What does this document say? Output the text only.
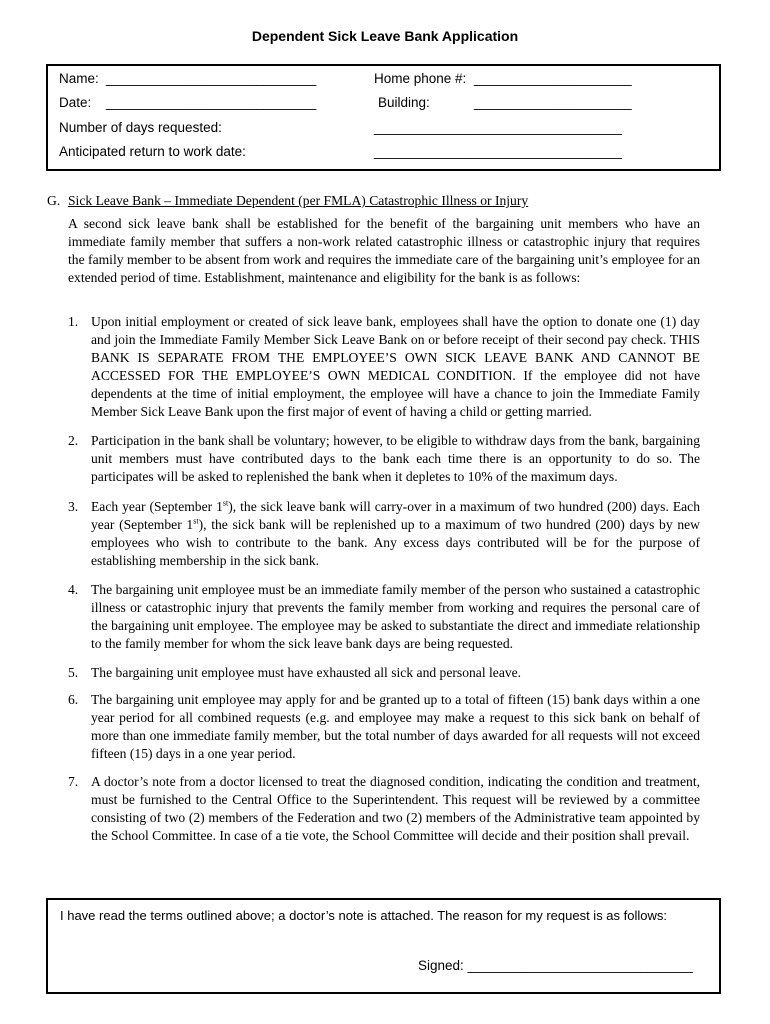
Dependent Sick Leave Bank Application
Name: ____________________________	Home phone #: _____________________
Date: ____________________________	Building:	_____________________
Number of days requested:	_________________________________
Anticipated return to work date:	_________________________________
G. Sick Leave Bank – Immediate Dependent (per FMLA) Catastrophic Illness or Injury
A second sick leave bank shall be established for the benefit of the bargaining unit members who have an immediate family member that suffers a non-work related catastrophic illness or catastrophic injury that requires the family member to be absent from work and requires the immediate care of the bargaining unit’s employee for an extended period of time. Establishment, maintenance and eligibility for the bank is as follows:
1. Upon initial employment or created of sick leave bank, employees shall have the option to donate one (1) day and join the Immediate Family Member Sick Leave Bank on or before receipt of their second pay check. THIS BANK IS SEPARATE FROM THE EMPLOYEE’S OWN SICK LEAVE BANK AND CANNOT BE ACCESSED FOR THE EMPLOYEE’S OWN MEDICAL CONDITION. If the employee did not have dependents at the time of initial employment, the employee will have a chance to join the Immediate Family Member Sick Leave Bank upon the first major of event of having a child or getting married.
2. Participation in the bank shall be voluntary; however, to be eligible to withdraw days from the bank, bargaining unit members must have contributed days to the bank each time there is an opportunity to do so. The participates will be asked to replenished the bank when it depletes to 10% of the maximum days.
3. Each year (September 1st), the sick leave bank will carry-over in a maximum of two hundred (200) days. Each year (September 1st), the sick bank will be replenished up to a maximum of two hundred (200) days by new employees who wish to contribute to the bank. Any excess days contributed will be for the purpose of establishing membership in the sick bank.
4. The bargaining unit employee must be an immediate family member of the person who sustained a catastrophic illness or catastrophic injury that prevents the family member from working and requires the personal care of the bargaining unit employee. The employee may be asked to substantiate the direct and immediate relationship to the family member for whom the sick leave bank days are being requested.
5. The bargaining unit employee must have exhausted all sick and personal leave.
6. The bargaining unit employee may apply for and be granted up to a total of fifteen (15) bank days within a one year period for all combined requests (e.g. and employee may make a request to this sick bank on behalf of more than one immediate family member, but the total number of days awarded for all requests will not exceed fifteen (15) days in a one year period.
7. A doctor’s note from a doctor licensed to treat the diagnosed condition, indicating the condition and treatment, must be furnished to the Central Office to the Superintendent. This request will be reviewed by a committee consisting of two (2) members of the Federation and two (2) members of the Administrative team appointed by the School Committee. In case of a tie vote, the School Committee will decide and their position shall prevail.
I have read the terms outlined above; a doctor’s note is attached. The reason for my request is as follows:
Signed: ______________________________
